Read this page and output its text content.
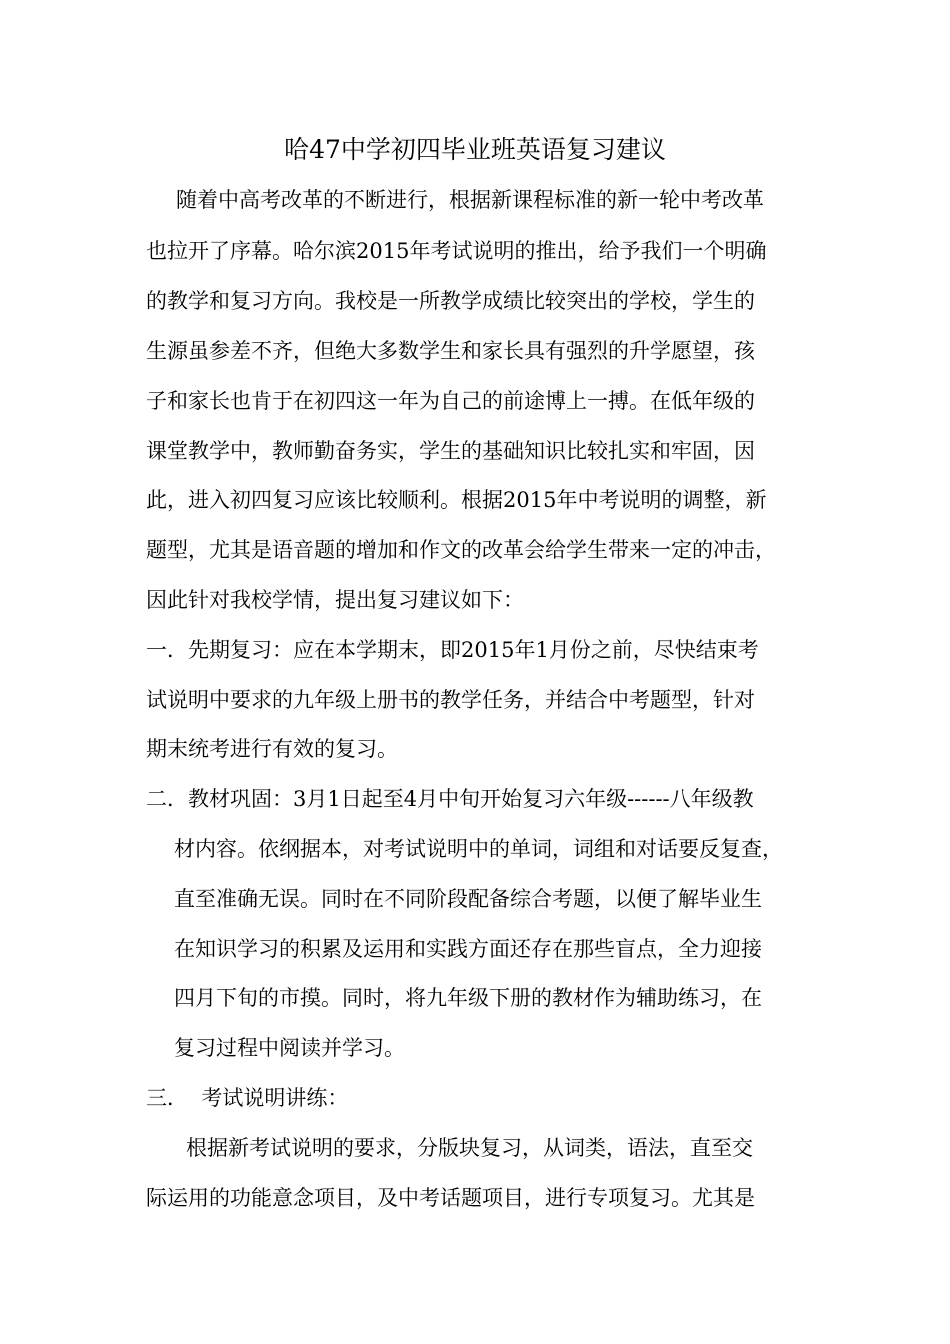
哈47中学初四毕业班英语复习建议
随着中高考改革的不断进行，根据新课程标准的新一轮中考改革
也拉开了序幕。哈尔滨2015年考试说明的推出，给予我们一个明确
的教学和复习方向。我校是一所教学成绩比较突出的学校，学生的
生源虽参差不齐，但绝大多数学生和家长具有强烈的升学愿望，孩
子和家长也肯于在初四这一年为自己的前途博上一搏。在低年级的
课堂教学中，教师勤奋务实，学生的基础知识比较扎实和牢固，因
此，进入初四复习应该比较顺利。根据2015年中考说明的调整，新
题型，尤其是语音题的增加和作文的改革会给学生带来一定的冲击，
因此针对我校学情，提出复习建议如下：
一．先期复习：应在本学期末，即2015年1月份之前，尽快结束考
试说明中要求的九年级上册书的教学任务，并结合中考题型，针对
期末统考进行有效的复习。
二．教材巩固：3月1日起至4月中旬开始复习六年级------八年级教
材内容。依纲据本，对考试说明中的单词，词组和对话要反复查，
直至准确无误。同时在不同阶段配备综合考题，以便了解毕业生
在知识学习的积累及运用和实践方面还存在那些盲点，全力迎接
四月下旬的市摸。同时，将九年级下册的教材作为辅助练习，在
复习过程中阅读并学习。
三．  考试说明讲练：
根据新考试说明的要求，分版块复习，从词类，语法，直至交
际运用的功能意念项目，及中考话题项目，进行专项复习。尤其是
